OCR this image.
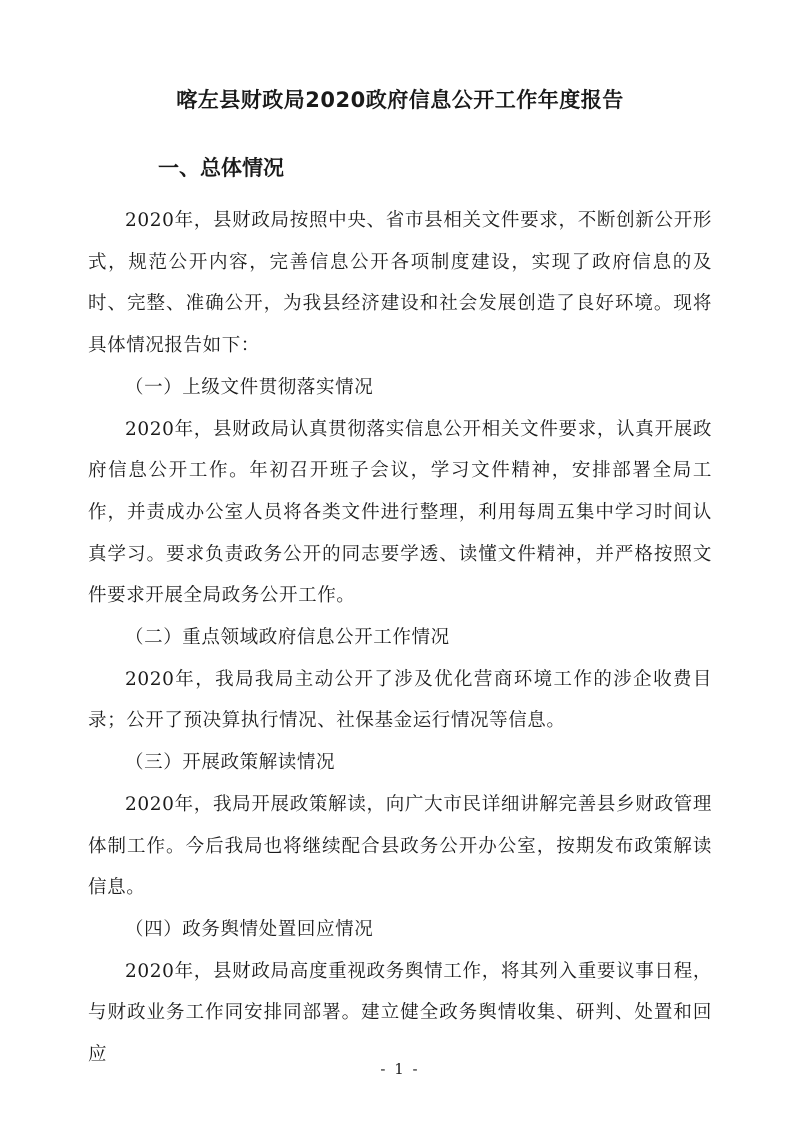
喀左县财政局2020政府信息公开工作年度报告
一、总体情况

2020年，县财政局按照中央、省市县相关文件要求，不断创新公开形式，规范公开内容，完善信息公开各项制度建设，实现了政府信息的及时、完整、准确公开，为我县经济建设和社会发展创造了良好环境。现将具体情况报告如下：

（一）上级文件贯彻落实情况

2020年，县财政局认真贯彻落实信息公开相关文件要求，认真开展政府信息公开工作。年初召开班子会议，学习文件精神，安排部署全局工作，并责成办公室人员将各类文件进行整理，利用每周五集中学习时间认真学习。要求负责政务公开的同志要学透、读懂文件精神，并严格按照文件要求开展全局政务公开工作。

（二）重点领域政府信息公开工作情况

2020年，我局我局主动公开了涉及优化营商环境工作的涉企收费目录；公开了预决算执行情况、社保基金运行情况等信息。

（三）开展政策解读情况

2020年，我局开展政策解读，向广大市民详细讲解完善县乡财政管理体制工作。今后我局也将继续配合县政务公开办公室，按期发布政策解读信息。

（四）政务舆情处置回应情况

2020年，县财政局高度重视政务舆情工作，将其列入重要议事日程，与财政业务工作同安排同部署。建立健全政务舆情收集、研判、处置和回应

- 1 -
